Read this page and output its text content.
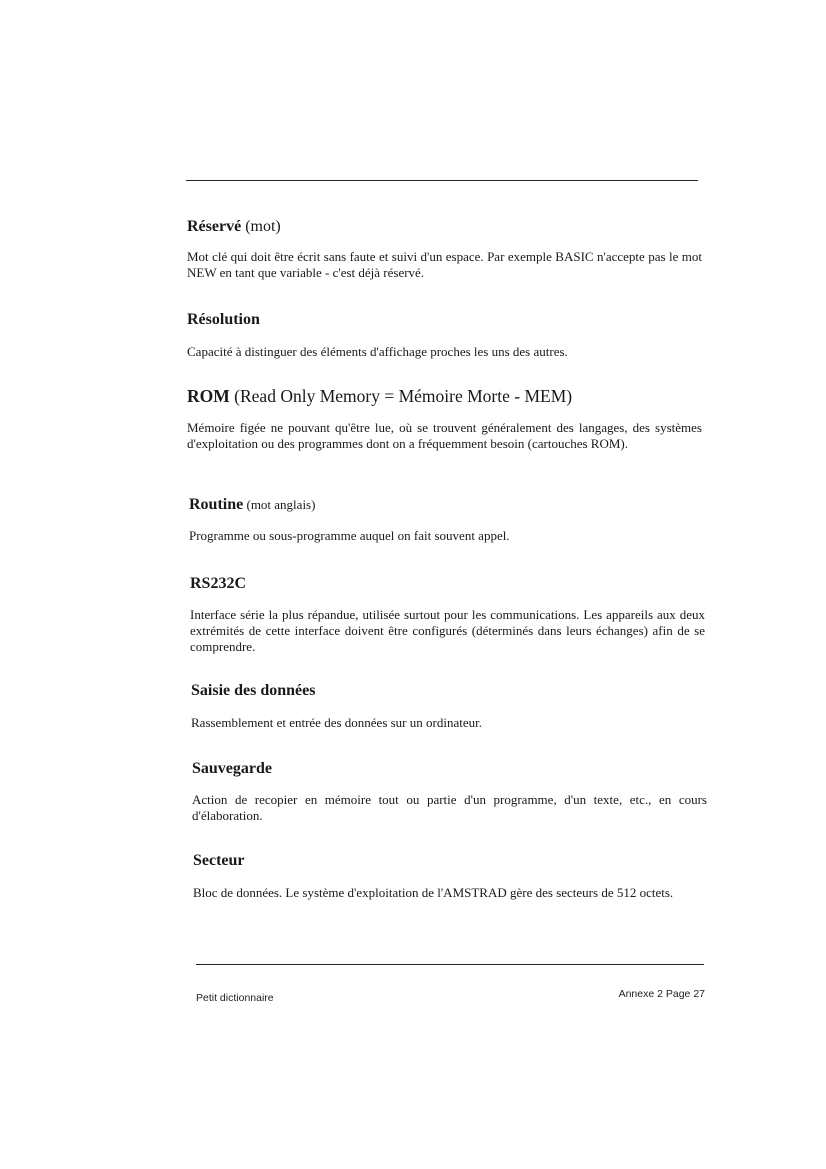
Réservé (mot)

Mot clé qui doit être écrit sans faute et suivi d'un espace. Par exemple BASIC n'accepte pas le mot NEW en tant que variable - c'est déjà réservé.

Résolution

Capacité à distinguer des éléments d'affichage proches les uns des autres.

ROM (Read Only Memory = Mémoire Morte - MEM)

Mémoire figée ne pouvant qu'être lue, où se trouvent généralement des langages, des systèmes d'exploitation ou des programmes dont on a fréquemment besoin (cartouches ROM).

Routine (mot anglais)

Programme ou sous-programme auquel on fait souvent appel.

RS232C

Interface série la plus répandue, utilisée surtout pour les communications. Les appareils aux deux extrémités de cette interface doivent être configurés (déterminés dans leurs échanges) afin de se comprendre.

Saisie des données

Rassemblement et entrée des données sur un ordinateur.

Sauvegarde

Action de recopier en mémoire tout ou partie d'un programme, d'un texte, etc., en cours d'élaboration.

Secteur

Bloc de données. Le système d'exploitation de l'AMSTRAD gère des secteurs de 512 octets.

Petit dictionnaire	Annexe 2 Page 27
